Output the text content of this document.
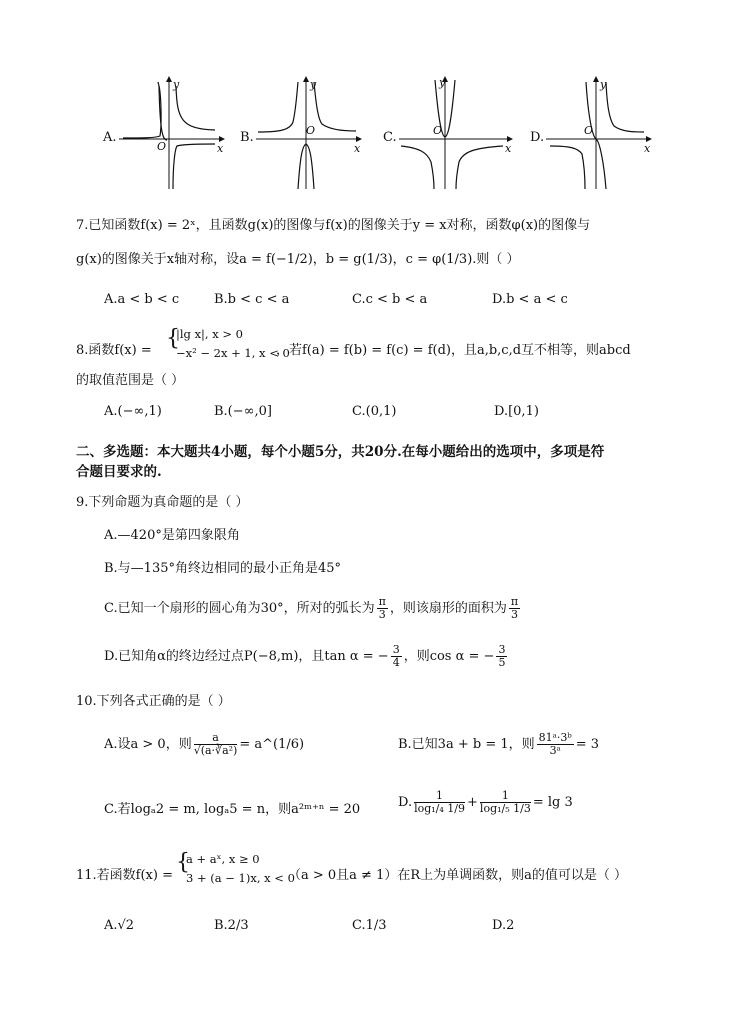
A.
y
x
O
B.
y
x
O	C.
y
x
O	D.
y
x
O
7.已知函数f(x) = 2ˣ，且函数g(x)的图像与f(x)的图像关于y = x对称，函数φ(x)的图像与
g(x)的图像关于x轴对称，设a = f(−1/2)，b = g(1/3)，c = φ(1/3).则（ ）
A.a < b < c	B.b < c < a	C.c < b < a	D.b < a < c
8.函数f(x) = {
|lg x|, x > 0
−x² − 2x + 1, x < 0
，若f(a) = f(b) = f(c) = f(d)，且a,b,c,d互不相等，则abcd
的取值范围是（ ）
A.(−∞,1)	B.(−∞,0]	C.(0,1)	D.[0,1)
二、多选题：本大题共4小题，每个小题5分，共20分.在每小题给出的选项中，多项是符
合题目要求的.
9.下列命题为真命题的是（ ）
A.—420°是第四象限角
B.与—135°角终边相同的最小正角是45°
C.已知一个扇形的圆心角为30°，所对的弧长为 $\frac{\pi}{3}$ ，则该扇形的面积为 $\frac{\pi}{3}$
D.已知角α的终边经过点P(−8,m)，且tan α = − $\frac{3}{4}$ ，则cos α = − $\frac{3}{5}$
10.下列各式正确的是（ ）
A.设a > 0，则 $\frac{a}{\text{√(a·∛a²)}}$ = a^(1/6)	B.已知3a + b = 1，则 $\frac{\text{81ᵃ·3ᵇ}}{\text{3ᵃ}} = 3$
C.若logₐ2 = m, logₐ5 = n，则a²ᵐ⁺ⁿ = 20	D. $\frac{1}{\text{log₁/₄ 1/9}} + \frac{1}{\text{log₁/₅ 1/3}} = \lg 3$
11.若函数f(x) =
{
a + aˣ, x ≥ 0
3 + (a − 1)x, x < 0
（a > 0且a ≠ 1）在R上为单调函数，则a的值可以是（ ）
A.√2	B.2/3	C.1/3	D.2
